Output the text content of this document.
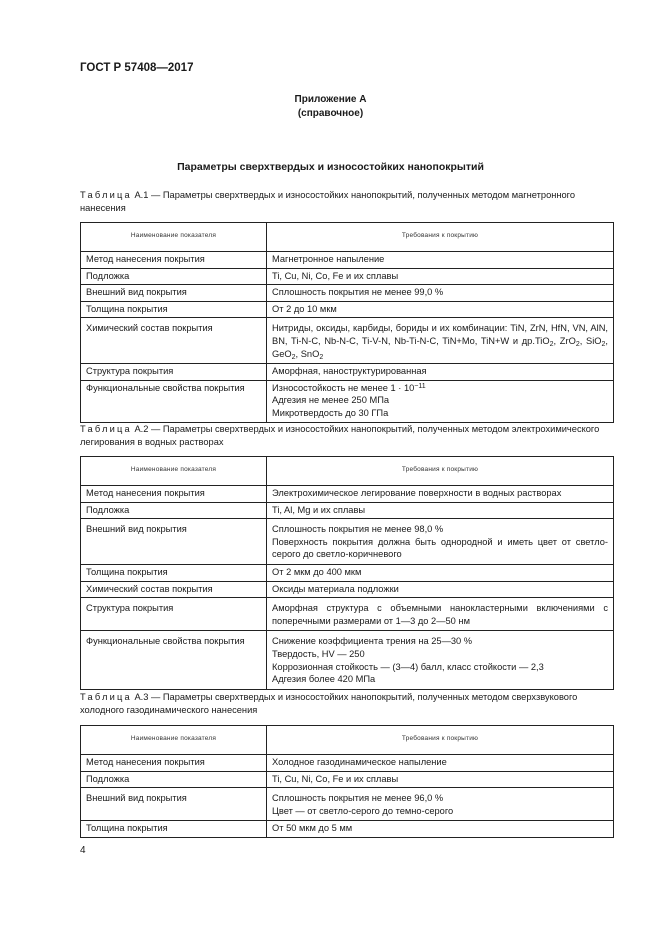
ГОСТ Р 57408—2017
Приложение А
(справочное)
Параметры сверхтвердых и износостойких нанопокрытий
Таблица А.1 — Параметры сверхтвердых и износостойких нанопокрытий, полученных методом магнетронного нанесения
Наименование показателя	Требования к покрытию
Метод нанесения покрытия	Магнетронное напыление
Подложка	Ti, Cu, Ni, Co, Fe и их сплавы
Внешний вид покрытия	Сплошность покрытия не менее 99,0 %
Толщина покрытия	От 2 до 10 мкм
Химический состав покрытия	Нитриды, оксиды, карбиды, бориды и их комбинации: TiN, ZrN, HfN, VN, AlN, BN, Ti-N-C, Nb-N-C, Ti-V-N, Nb-Ti-N-C, TiN+Mo, TiN+W и др.TiO$_2$, ZrO$_2$, SiO$_2$, GeO$_2$, SnO$_2$
Структура покрытия	Аморфная, наноструктурированная
Функциональные свойства покрытия	Износостойкость не менее $1 \cdot 10^{-11}$
Адгезия не менее 250 МПа
Микротвердость до 30 ГПа
Таблица А.2 — Параметры сверхтвердых и износостойких нанопокрытий, полученных методом электрохимического легирования в водных растворах
Наименование показателя	Требования к покрытию
Метод нанесения покрытия	Электрохимическое легирование поверхности в водных растворах
Подложка	Ti, Al, Mg и их сплавы
Внешний вид покрытия	Сплошность покрытия не менее 98,0 %
Поверхность покрытия должна быть однородной и иметь цвет от светло-серого до светло-коричневого

Толщина покрытия	От 2 мкм до 400 мкм
Химический состав покрытия	Оксиды материала подложки
Структура покрытия	Аморфная структура с объемными нанокластерными включениями с поперечными размерами от 1—3 до 2—50 нм
Функциональные свойства покрытия	Снижение коэффициента трения на 25—30 %
Твердость, HV — 250
Коррозионная стойкость — (3—4) балл, класс стойкости — 2,3
Адгезия более 420 МПа
Таблица А.3 — Параметры сверхтвердых и износостойких нанопокрытий, полученных методом сверхзвукового холодного газодинамического нанесения
Наименование показателя	Требования к покрытию
Метод нанесения покрытия	Холодное газодинамическое напыление
Подложка	Ti, Cu, Ni, Co, Fe и их сплавы
Внешний вид покрытия	Сплошность покрытия не менее 96,0 %
Цвет — от светло-серого до темно-серого

Толщина покрытия	От 50 мкм до 5 мм
4
